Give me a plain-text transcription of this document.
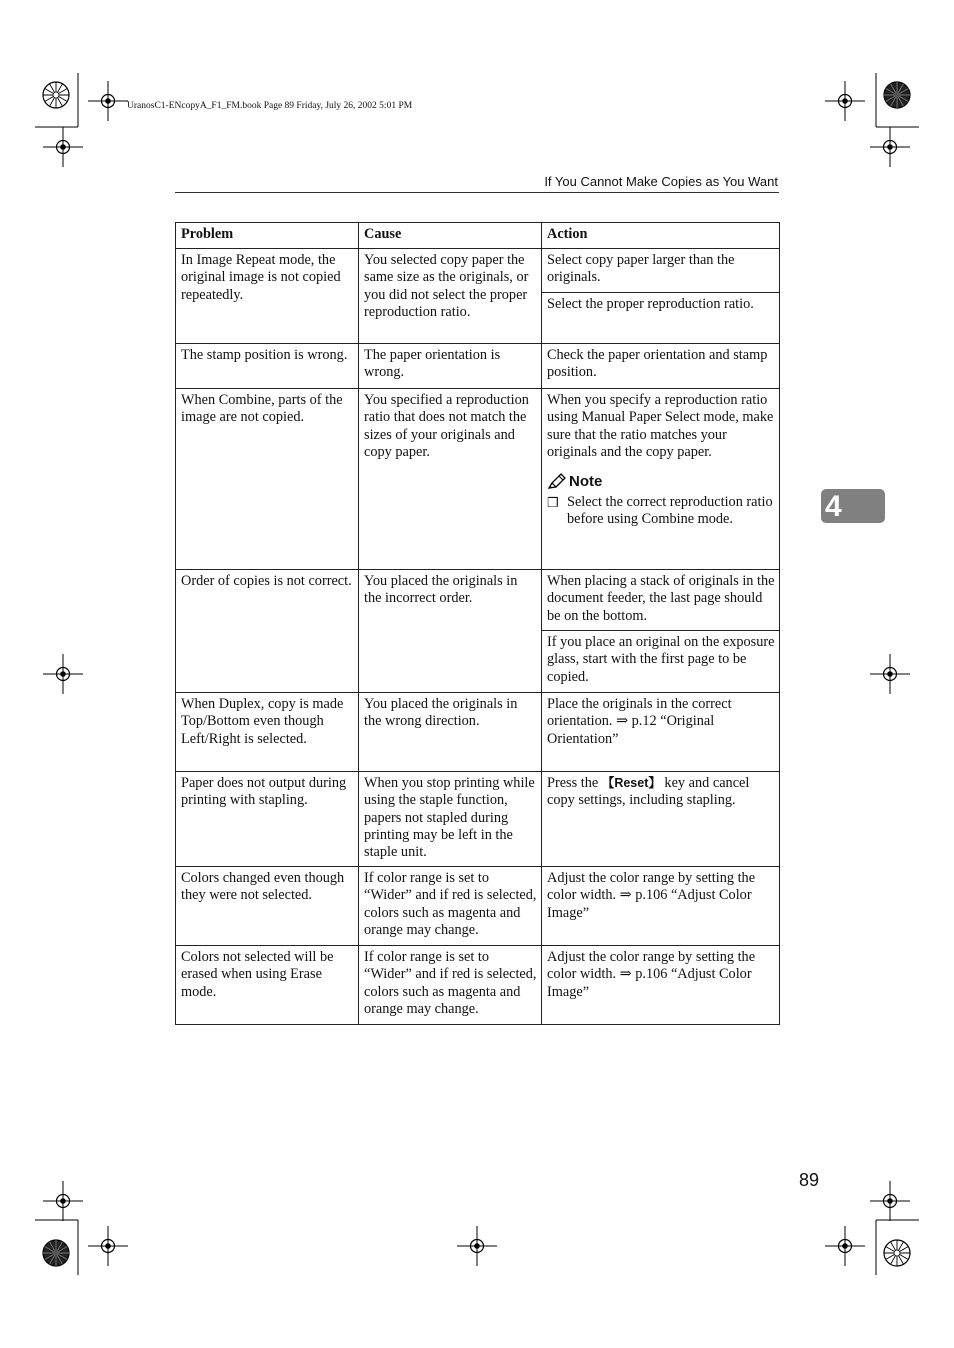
UranosC1-ENcopyA_F1_FM.book Page 89 Friday, July 26, 2002 5:01 PM
If You Cannot Make Copies as You Want
4
89
Problem	Cause	Action
In Image Repeat mode, the original image is not copied repeatedly.	You selected copy paper the same size as the originals, or you did not select the proper reproduction ratio.	Select copy paper larger than the originals.
		Select the proper reproduction ratio.
The stamp position is wrong.	The paper orientation is wrong.	Check the paper orientation and stamp position.
When Combine, parts of the image are not copied.	You specified a reproduction ratio that does not match the sizes of your originals and copy paper.	When you specify a reproduction ratio using Manual Paper Select mode, make sure that the ratio matches your originals and the copy paper.
Note
❒ Select the correct reproduction ratio before using Combine mode.

Order of copies is not correct.	You placed the originals in the incorrect order.	When placing a stack of originals in the document feeder, the last page should be on the bottom.
		If you place an original on the exposure glass, start with the first page to be copied.
When Duplex, copy is made Top/Bottom even though Left/Right is selected.	You placed the originals in the wrong direction.	Place the originals in the correct orientation. ⇒ p.12 “Original Orientation”
Paper does not output during printing with stapling.	When you stop printing while using the staple function, papers not stapled during printing may be left in the staple unit.	Press the 【Reset】 key and cancel copy settings, including stapling.
Colors changed even though they were not selected.	If color range is set to “Wider” and if red is selected, colors such as magenta and orange may change.	Adjust the color range by setting the color width. ⇒ p.106 “Adjust Color Image”
Colors not selected will be erased when using Erase mode.	If color range is set to “Wider” and if red is selected, colors such as magenta and orange may change.	Adjust the color range by setting the color width. ⇒ p.106 “Adjust Color Image”
